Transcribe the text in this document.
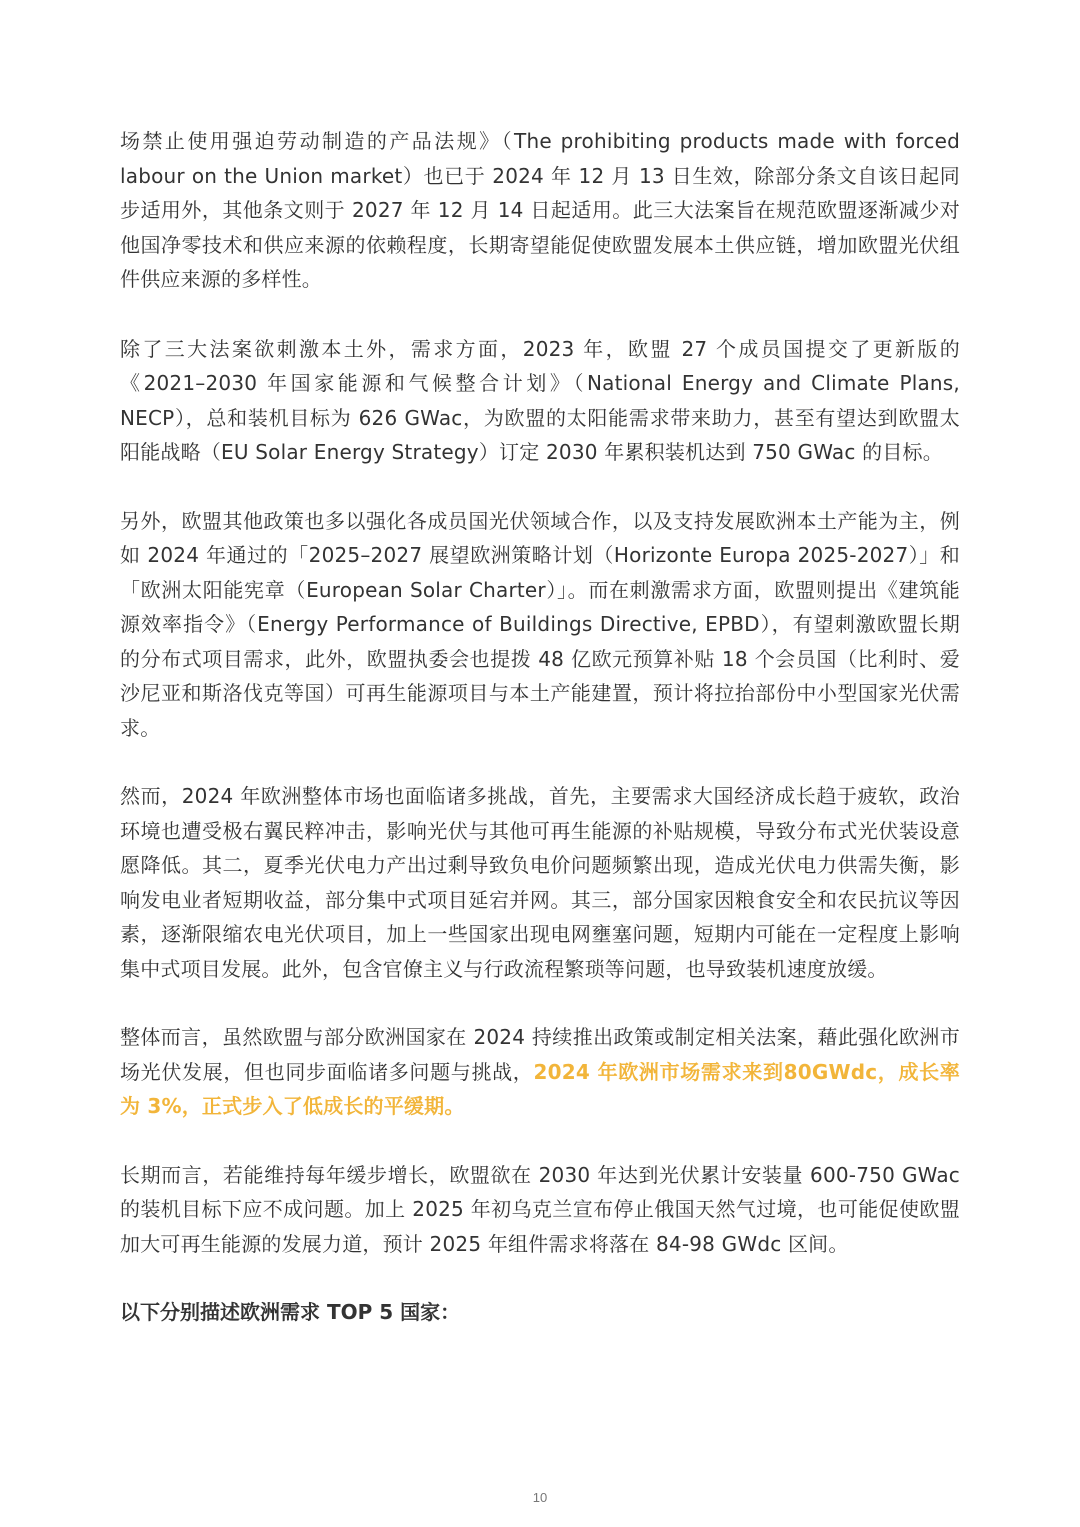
场禁止使用强迫劳动制造的产品法规》（The prohibiting products made with forced labour on the Union market）也已于 2024 年 12 月 13 日生效，除部分条文自该日起同步适用外，其他条文则于 2027 年 12 月 14 日起适用。此三大法案旨在规范欧盟逐渐减少对他国净零技术和供应来源的依赖程度，长期寄望能促使欧盟发展本土供应链，增加欧盟光伏组件供应来源的多样性。

除了三大法案欲刺激本土外，需求方面，2023 年，欧盟 27 个成员国提交了更新版的《2021–2030 年国家能源和气候整合计划》（National Energy and Climate Plans, NECP），总和装机目标为 626 GWac，为欧盟的太阳能需求带来助力，甚至有望达到欧盟太阳能战略（EU Solar Energy Strategy）订定 2030 年累积装机达到 750 GWac 的目标。

另外，欧盟其他政策也多以强化各成员国光伏领域合作，以及支持发展欧洲本土产能为主，例如 2024 年通过的「2025–2027 展望欧洲策略计划（Horizonte Europa 2025-2027）」和「欧洲太阳能宪章（European Solar Charter）」。而在刺激需求方面，欧盟则提出《建筑能源效率指令》（Energy Performance of Buildings Directive, EPBD），有望刺激欧盟长期的分布式项目需求，此外，欧盟执委会也提拨 48 亿欧元预算补贴 18 个会员国（比利时、爱沙尼亚和斯洛伐克等国）可再生能源项目与本土产能建置，预计将拉抬部份中小型国家光伏需求。

然而，2024 年欧洲整体市场也面临诸多挑战，首先，主要需求大国经济成长趋于疲软，政治环境也遭受极右翼民粹冲击，影响光伏与其他可再生能源的补贴规模，导致分布式光伏装设意愿降低。其二，夏季光伏电力产出过剩导致负电价问题频繁出现，造成光伏电力供需失衡，影响发电业者短期收益，部分集中式项目延宕并网。其三，部分国家因粮食安全和农民抗议等因素，逐渐限缩农电光伏项目，加上一些国家出现电网壅塞问题，短期内可能在一定程度上影响集中式项目发展。此外，包含官僚主义与行政流程繁琐等问题，也导致装机速度放缓。

整体而言，虽然欧盟与部分欧洲国家在 2024 持续推出政策或制定相关法案，藉此强化欧洲市场光伏发展，但也同步面临诸多问题与挑战，2024 年欧洲市场需求来到80GWdc，成长率为 3%，正式步入了低成长的平缓期。

长期而言，若能维持每年缓步增长，欧盟欲在 2030 年达到光伏累计安装量 600-750 GWac 的装机目标下应不成问题。加上 2025 年初乌克兰宣布停止俄国天然气过境，也可能促使欧盟加大可再生能源的发展力道，预计 2025 年组件需求将落在 84-98 GWdc 区间。

以下分别描述欧洲需求 TOP 5 国家：

10
